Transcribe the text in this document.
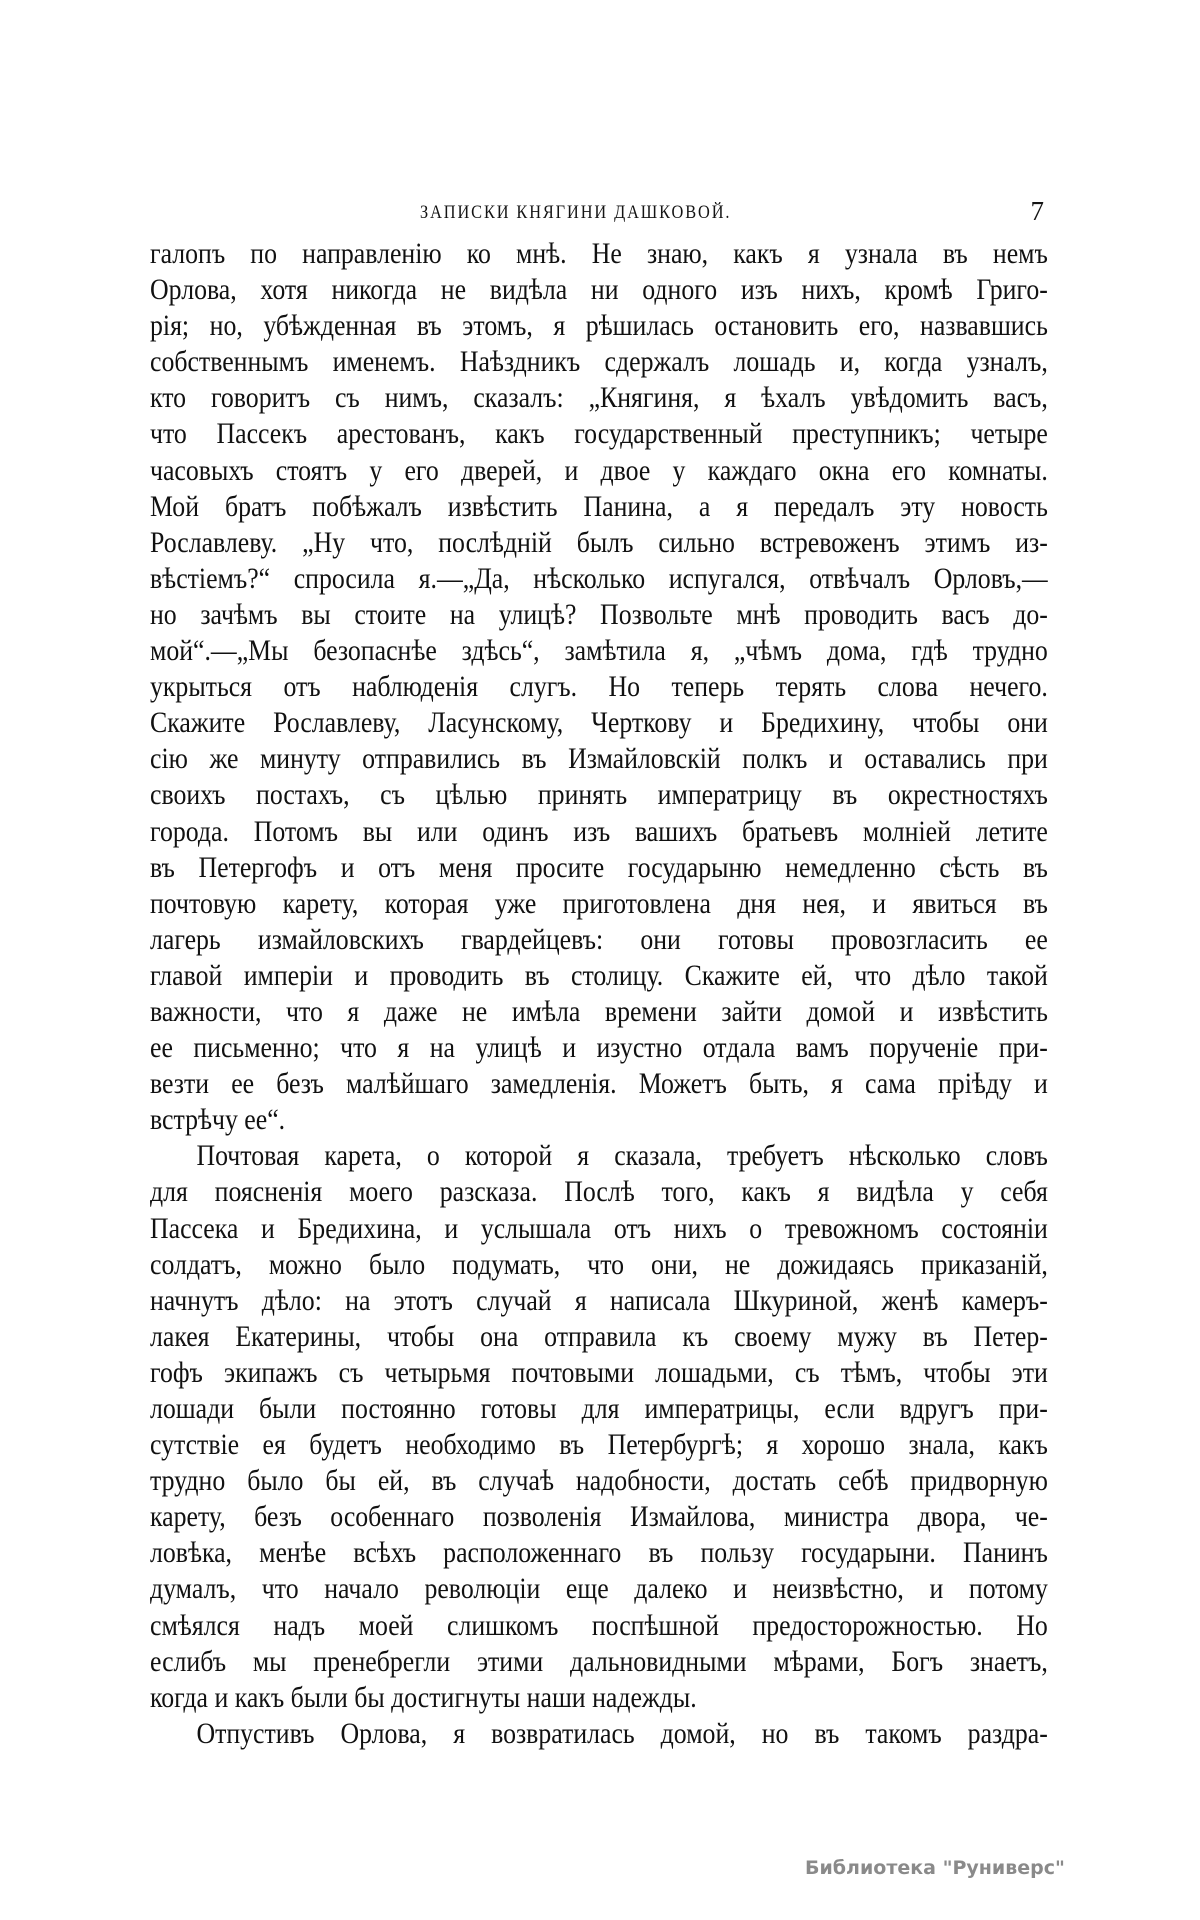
ЗАПИСКИ КНЯГИНИ ДАШКОВОЙ.	7
галопъ по направленію ко мнѣ. Не знаю, какъ я узнала въ немъ
Орлова, хотя никогда не видѣла ни одного изъ нихъ, кромѣ Григо-
рія; но, убѣжденная въ этомъ, я рѣшилась остановить его, назвавшись
собственнымъ именемъ. Наѣздникъ сдержалъ лошадь и, когда узналъ,
кто говоритъ съ нимъ, сказалъ: „Княгиня, я ѣхалъ увѣдомить васъ,
что Пассекъ арестованъ, какъ государственный преступникъ; четыре
часовыхъ стоятъ у его дверей, и двое у каждаго окна его комнаты.
Мой братъ побѣжалъ извѣстить Панина, а я передалъ эту новость
Рославлеву. „Ну что, послѣдній былъ сильно встревоженъ этимъ из-
вѣстіемъ?“ спросила я.—„Да, нѣсколько испугался, отвѣчалъ Орловъ,—
но зачѣмъ вы стоите на улицѣ? Позвольте мнѣ проводить васъ до-
мой“.—„Мы безопаснѣе здѣсь“, замѣтила я, „чѣмъ дома, гдѣ трудно
укрыться отъ наблюденія слугъ. Но теперь терять слова нечего.
Скажите Рославлеву, Ласунскому, Черткову и Бредихину, чтобы они
сію же минуту отправились въ Измайловскій полкъ и оставались при
своихъ постахъ, съ цѣлью принять императрицу въ окрестностяхъ
города. Потомъ вы или одинъ изъ вашихъ братьевъ молніей летите
въ Петергофъ и отъ меня просите государыню немедленно сѣсть въ
почтовую карету, которая уже приготовлена дня нея, и явиться въ
лагерь измайловскихъ гвардейцевъ: они готовы провозгласить ее
главой имперіи и проводить въ столицу. Скажите ей, что дѣло такой
важности, что я даже не имѣла времени зайти домой и извѣстить
ее письменно; что я на улицѣ и изустно отдала вамъ порученіе при-
везти ее безъ малѣйшаго замедленія. Можетъ быть, я сама пріѣду и
встрѣчу ее“.
Почтовая карета, о которой я сказала, требуетъ нѣсколько словъ
для поясненія моего разсказа. Послѣ того, какъ я видѣла у себя
Пассека и Бредихина, и услышала отъ нихъ о тревожномъ состояніи
солдатъ, можно было подумать, что они, не дожидаясь приказаній,
начнутъ дѣло: на этотъ случай я написала Шкуриной, женѣ камеръ-
лакея Екатерины, чтобы она отправила къ своему мужу въ Петер-
гофъ экипажъ съ четырьмя почтовыми лошадьми, съ тѣмъ, чтобы эти
лошади были постоянно готовы для императрицы, если вдругъ при-
сутствіе ея будетъ необходимо въ Петербургѣ; я хорошо знала, какъ
трудно было бы ей, въ случаѣ надобности, достать себѣ придворную
карету, безъ особеннаго позволенія Измайлова, министра двора, че-
ловѣка, менѣе всѣхъ расположеннаго въ пользу государыни. Панинъ
думалъ, что начало революціи еще далеко и неизвѣстно, и потому
смѣялся надъ моей слишкомъ поспѣшной предосторожностью. Но
еслибъ мы пренебрегли этими дальновидными мѣрами, Богъ знаетъ,
когда и какъ были бы достигнуты наши надежды.
Отпустивъ Орлова, я возвратилась домой, но въ такомъ раздра-
Библиотека "Руниверс"
